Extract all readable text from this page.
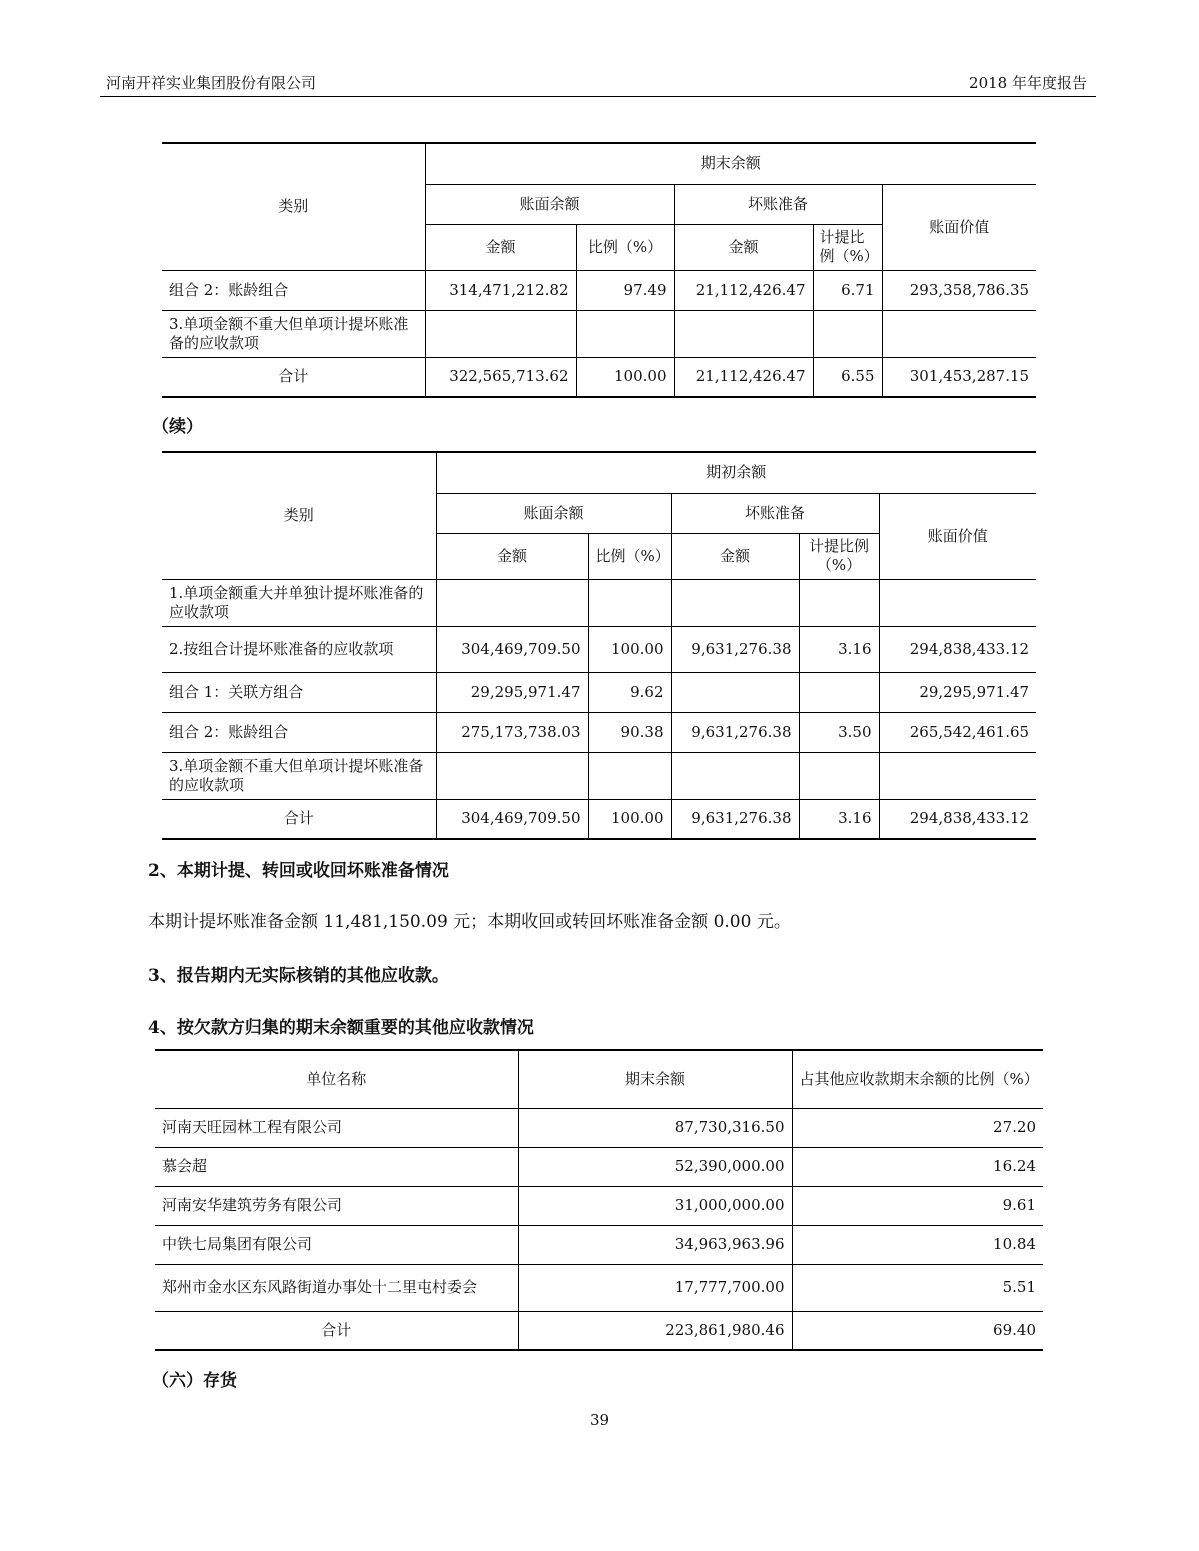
河南开祥实业集团股份有限公司	2018 年年度报告
类别	期末余额				
	账面余额		坏账准备		账面价值
	金额	比例（%）	金额	计提比例（%）	
组合 2：账龄组合	314,471,212.82	97.49	21,112,426.47	6.71	293,358,786.35
3.单项金额不重大但单项计提坏账准备的应收款项					
合计	322,565,713.62	100.00	21,112,426.47	6.55	301,453,287.15
（续）
类别	期初余额				
	账面余额		坏账准备		账面价值
	金额	比例（%）	金额	计提比例（%）	
1.单项金额重大并单独计提坏账准备的应收款项					
2.按组合计提坏账准备的应收款项	304,469,709.50	100.00	9,631,276.38	3.16	294,838,433.12
组合 1：关联方组合	29,295,971.47	9.62			29,295,971.47
组合 2：账龄组合	275,173,738.03	90.38	9,631,276.38	3.50	265,542,461.65
3.单项金额不重大但单项计提坏账准备的应收款项					
合计	304,469,709.50	100.00	9,631,276.38	3.16	294,838,433.12
2、本期计提、转回或收回坏账准备情况
本期计提坏账准备金额 11,481,150.09 元；本期收回或转回坏账准备金额 0.00 元。
3、报告期内无实际核销的其他应收款。
4、按欠款方归集的期末余额重要的其他应收款情况
单位名称	期末余额	占其他应收款期末余额的比例（%）
河南天旺园林工程有限公司	87,730,316.50	27.20
慕会超	52,390,000.00	16.24
河南安华建筑劳务有限公司	31,000,000.00	9.61
中铁七局集团有限公司	34,963,963.96	10.84
郑州市金水区东风路街道办事处十二里屯村委会	17,777,700.00	5.51
合计	223,861,980.46	69.40
（六）存货
39
